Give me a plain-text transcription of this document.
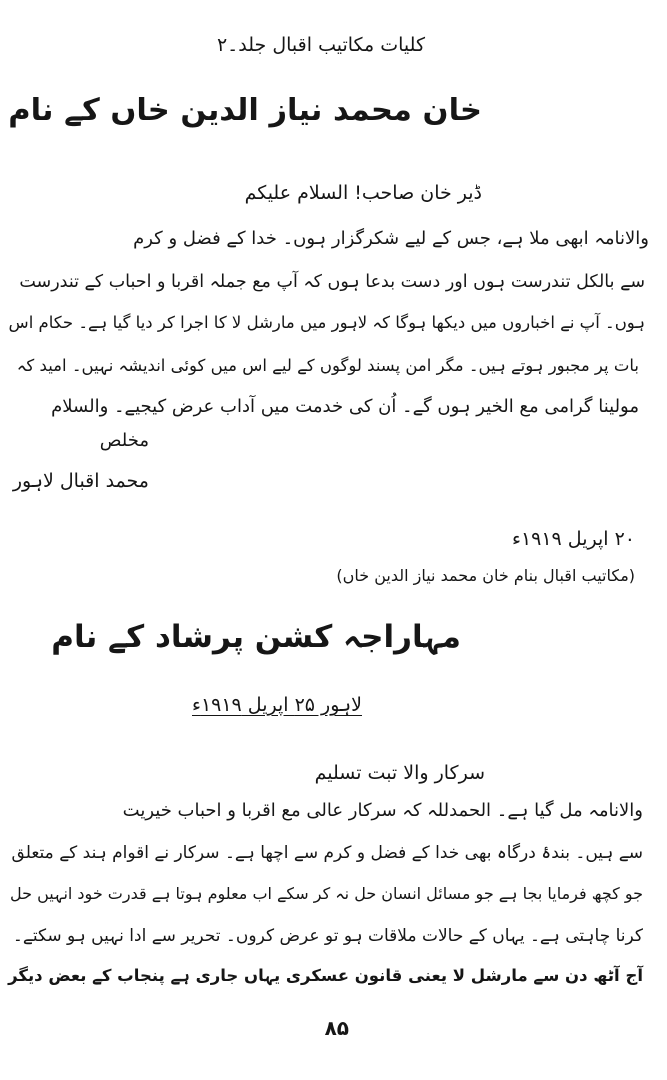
کلیات مکاتیب اقبال جلد۔۲
خان محمد نیاز الدین خاں کے نام
ڈیر خان صاحب! السلام علیکم
والانامہ ابھی ملا ہے، جس کے لیے شکرگزار ہوں۔ خدا کے فضل و کرم
سے بالکل تندرست ہوں اور دست بدعا ہوں کہ آپ مع جملہ اقربا و احباب کے تندرست
ہوں۔ آپ نے اخباروں میں دیکھا ہوگا کہ لاہور میں مارشل لا کا اجرا کر دیا گیا ہے۔ حکام اس
بات پر مجبور ہوتے ہیں۔ مگر امن پسند لوگوں کے لیے اس میں کوئی اندیشہ نہیں۔ امید کہ
مولینا گرامی مع الخیر ہوں گے۔ اُن کی خدمت میں آداب عرض کیجیے۔ والسلام
مخلص
محمد اقبال لاہور
۲۰ اپریل ۱۹۱۹ء
(مکاتیب اقبال بنام خان محمد نیاز الدین خاں)
مہاراجہ کشن پرشاد کے نام
لاہور ۲۵ اپریل ۱۹۱۹ء
سرکار والا تبت تسلیم
والانامہ مل گیا ہے۔ الحمدللہ کہ سرکار عالی مع اقربا و احباب خیریت
سے ہیں۔ بندۂ درگاہ بھی خدا کے فضل و کرم سے اچھا ہے۔ سرکار نے اقوام ہند کے متعلق
جو کچھ فرمایا بجا ہے جو مسائل انسان حل نہ کر سکے اب معلوم ہوتا ہے قدرت خود انہیں حل
کرنا چاہتی ہے۔ یہاں کے حالات ملاقات ہو تو عرض کروں۔ تحریر سے ادا نہیں ہو سکتے۔
آج آٹھ دن سے مارشل لا یعنی قانون عسکری یہاں جاری ہے پنجاب کے بعض دیگر
۸۵
